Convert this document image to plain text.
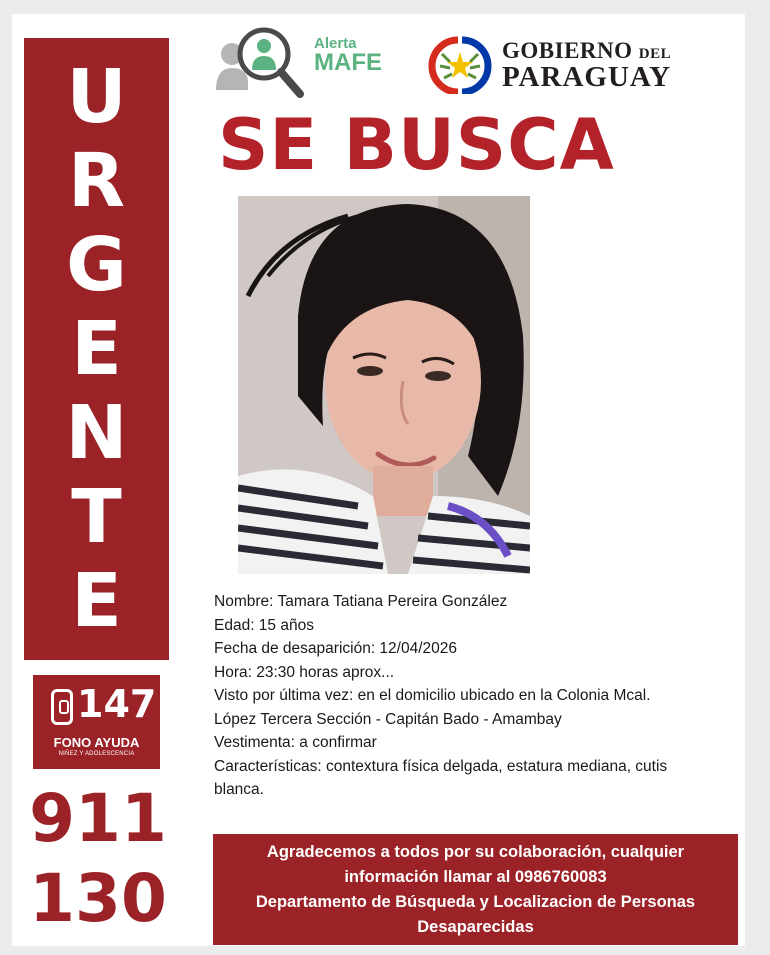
U
R
G
E
N
T
E
147
FONO AYUDA
NIÑEZ Y ADOLESCENCIA
911
130
Alerta
MAFE	GOBIERNO DEL
PARAGUAY
SE BUSCA

Nombre: Tamara Tatiana Pereira González

Edad: 15 años

Fecha de desaparición: 12/04/2026

Hora: 23:30 horas aprox...

Visto por última vez: en el domicilio ubicado en la Colonia Mcal.

López Tercera Sección - Capitán Bado - Amambay

Vestimenta: a confirmar

Características: contextura física delgada, estatura mediana, cutis

blanca.

Agradecemos a todos por su colaboración, cualquier
información llamar al 0986760083
Departamento de Búsqueda y Localizacion de Personas
Desaparecidas
